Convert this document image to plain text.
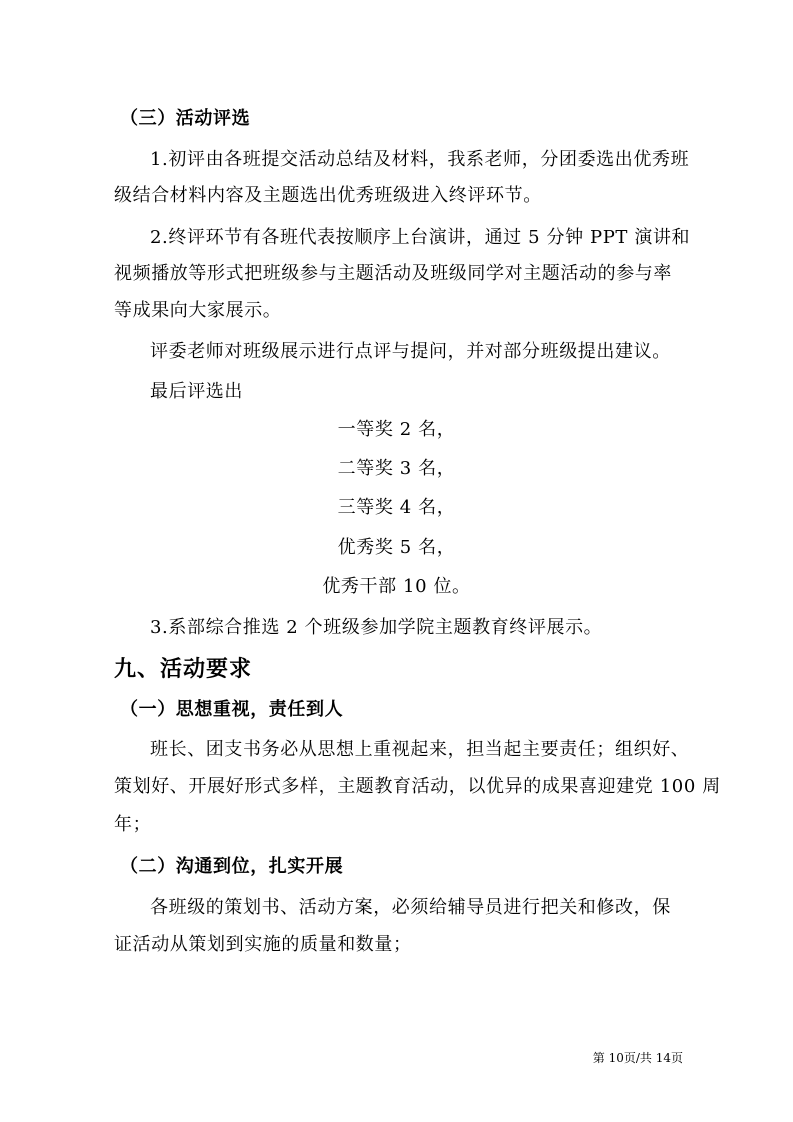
（三）活动评选
1.初评由各班提交活动总结及材料，我系老师，分团委选出优秀班
级结合材料内容及主题选出优秀班级进入终评环节。
2.终评环节有各班代表按顺序上台演讲，通过 5 分钟 PPT 演讲和
视频播放等形式把班级参与主题活动及班级同学对主题活动的参与率
等成果向大家展示。
评委老师对班级展示进行点评与提问，并对部分班级提出建议。
最后评选出
一等奖 2 名，
二等奖 3 名，
三等奖 4 名，
优秀奖 5 名，
优秀干部 10 位。
3.系部综合推选 2 个班级参加学院主题教育终评展示。
九、活动要求
（一）思想重视，责任到人
班长、团支书务必从思想上重视起来，担当起主要责任；组织好、
策划好、开展好形式多样，主题教育活动，以优异的成果喜迎建党 100 周
年；
（二）沟通到位，扎实开展
各班级的策划书、活动方案，必须给辅导员进行把关和修改，保
证活动从策划到实施的质量和数量；
第 10页/共 14页
